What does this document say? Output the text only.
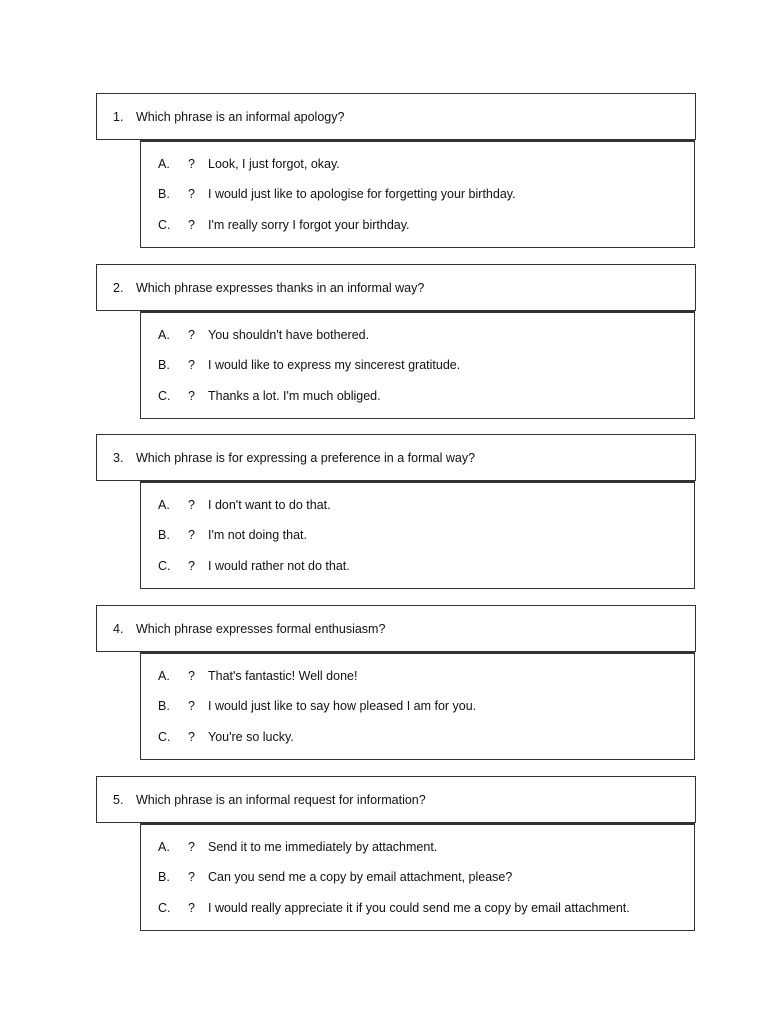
1. Which phrase is an informal apology?
A. ? Look, I just forgot, okay.
B. ? I would just like to apologise for forgetting your birthday.
C. ? I'm really sorry I forgot your birthday.
2. Which phrase expresses thanks in an informal way?
A. ? You shouldn't have bothered.
B. ? I would like to express my sincerest gratitude.
C. ? Thanks a lot. I'm much obliged.
3. Which phrase is for expressing a preference in a formal way?
A. ? I don't want to do that.
B. ? I'm not doing that.
C. ? I would rather not do that.
4. Which phrase expresses formal enthusiasm?
A. ? That's fantastic! Well done!
B. ? I would just like to say how pleased I am for you.
C. ? You're so lucky.
5. Which phrase is an informal request for information?
A. ? Send it to me immediately by attachment.
B. ? Can you send me a copy by email attachment, please?
C. ? I would really appreciate it if you could send me a copy by email attachment.
